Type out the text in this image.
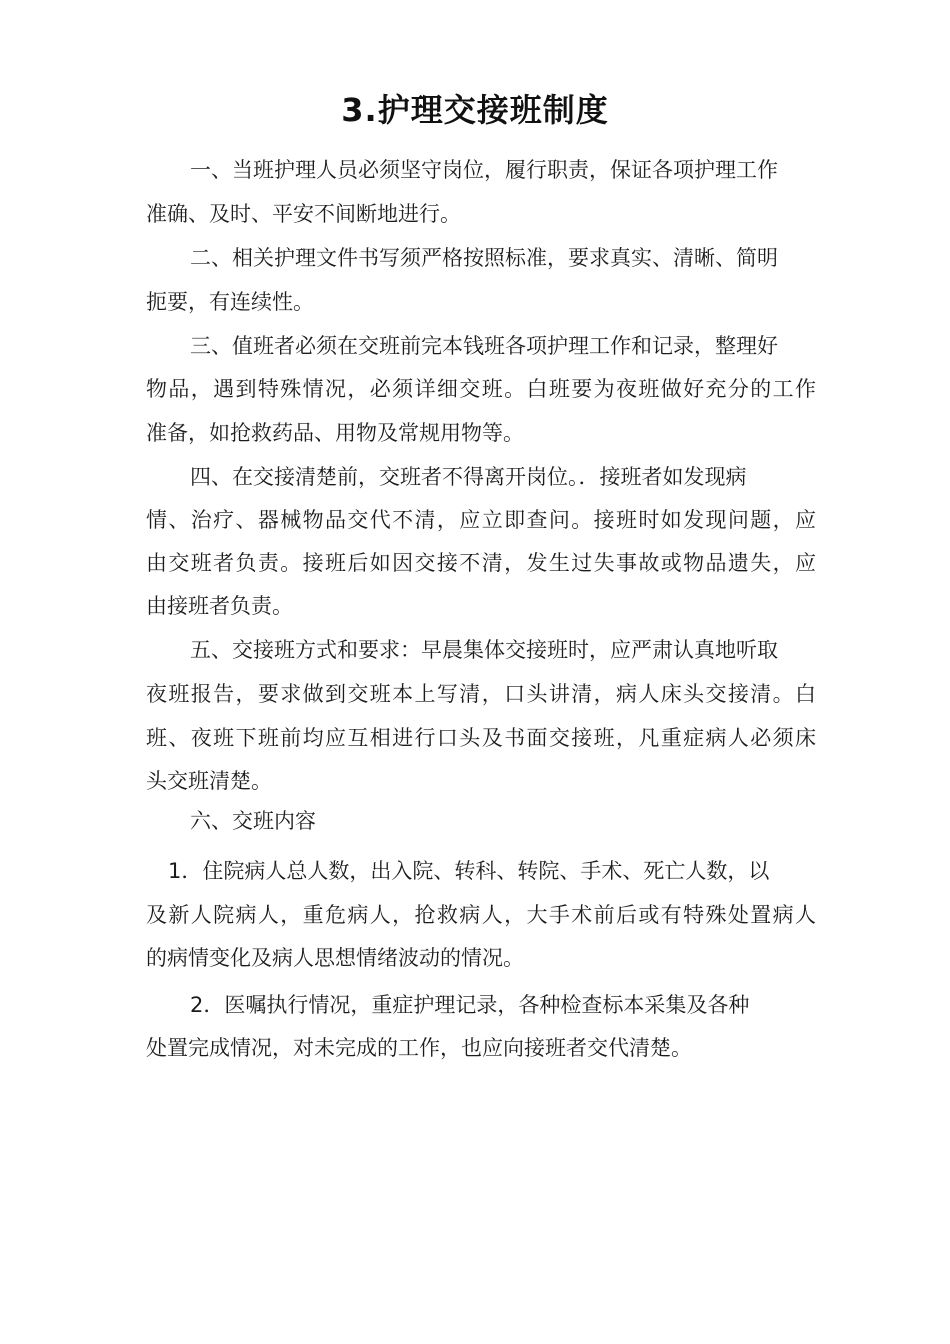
3.护理交接班制度
一、当班护理人员必须坚守岗位，履行职责，保证各项护理工作
准确、及时、平安不间断地进行。
二、相关护理文件书写须严格按照标准，要求真实、清晰、简明
扼要，有连续性。
三、值班者必须在交班前完本钱班各项护理工作和记录，整理好
物品，遇到特殊情况，必须详细交班。白班要为夜班做好充分的工作
准备，如抢救药品、用物及常规用物等。
四、在交接清楚前，交班者不得离开岗位。．接班者如发现病
情、治疗、器械物品交代不清，应立即查问。接班时如发现问题，应
由交班者负责。接班后如因交接不清，发生过失事故或物品遗失，应
由接班者负责。
五、交接班方式和要求：早晨集体交接班时，应严肃认真地听取
夜班报告，要求做到交班本上写清，口头讲清，病人床头交接清。白
班、夜班下班前均应互相进行口头及书面交接班，凡重症病人必须床
头交班清楚。
六、交班内容
1．住院病人总人数，出入院、转科、转院、手术、死亡人数，以
及新人院病人，重危病人，抢救病人，大手术前后或有特殊处置病人
的病情变化及病人思想情绪波动的情况。
2．医嘱执行情况，重症护理记录，各种检查标本采集及各种
处置完成情况，对未完成的工作，也应向接班者交代清楚。
